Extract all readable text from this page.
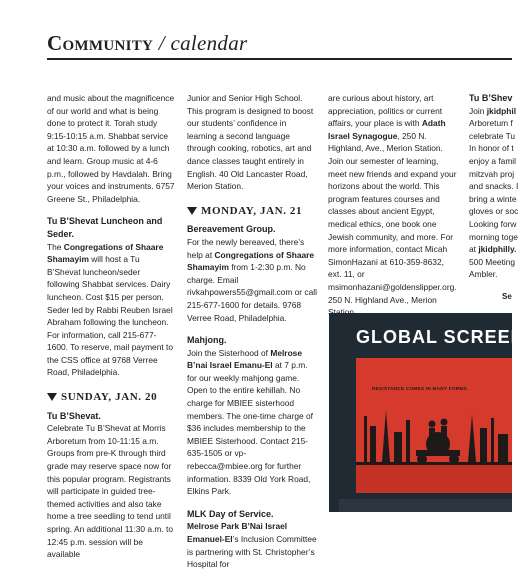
Community / calendar
and music about the magnificence of our world and what is being done to protect it. Torah study 9:15-10:15 a.m. Shabbat service at 10:30 a.m. followed by a lunch and learn. Group music at 4-6 p.m., followed by Havdalah. Bring your voices and instruments. 6757 Greene St., Philadelphia.
Tu B’Shevat Luncheon and Seder.
The Congregations of Shaare Shamayim will host a Tu B’Shevat luncheon/seder following Shabbat services. Dairy luncheon. Cost $15 per person. Seder led by Rabbi Reuben Israel Abraham following the luncheon. For information, call 215-677-1600. To reserve, mail payment to the CSS office at 9768 Verree Road, Philadelphia.
SUNDAY, JAN. 20
Tu B’Shevat.
Celebrate Tu B’Shevat at Morris Arboretum from 10-11:15 a.m. Groups from pre-K through third grade may reserve space now for this popular program. Registrants will participate in guided tree-themed activities and also take home a tree seedling to tend until spring. An additional 11:30 a.m. to 12:45 p.m. session will be available
Junior and Senior High School. This program is designed to boost our students’ confidence in learning a second language through cooking, robotics, art and dance classes taught entirely in English. 40 Old Lancaster Road, Merion Station.
MONDAY, JAN. 21
Bereavement Group.
For the newly bereaved, there’s help at Congregations of Shaare Shamayim from 1-2:30 p.m. No charge. Email rivkahpowers55@gmail.com or call 215-677-1600 for details. 9768 Verree Road, Philadelphia.
Mahjong.
Join the Sisterhood of Melrose B’nai Israel Emanu-El at 7 p.m. for our weekly mahjong game. Open to the entire kehillah. No charge for MBIEE sisterhood members. The one-time charge of $36 includes membership to the MBIEE Sisterhood. Contact 215-635-1505 or vp-rebecca@mbiee.org for further information. 8339 Old York Road, Elkins Park.
MLK Day of Service.
Melrose Park B’Nai Israel Emanuel-El’s Inclusion Committee is partnering with St. Christopher’s Hospital for
are curious about history, art appreciation, politics or current affairs, your place is with Adath Israel Synagogue, 250 N. Highland, Ave., Merion Station. Join our semester of learning, meet new friends and expand your horizons about the world. This program features courses and classes about ancient Egypt, medical ethics, one book one Jewish community, and more. For more information, contact Micah SimonHazani at 610-359-8632, ext. 11, or msimonhazani@goldenslipper.org. 250 N. Highland Ave., Merion
Tu B’Shev
Join jkidphil
Arboretum f
celebrate Tu
In honor of t
enjoy a famil
mitzvah proj
and snacks. I
bring a winte
gloves or soc
Looking forw
morning toge
at jkidphilly.
500 Meeting
Ambler.
Se
GLOBAL SCREEN
RESISTANCE COMES IN MANY FORMS.
